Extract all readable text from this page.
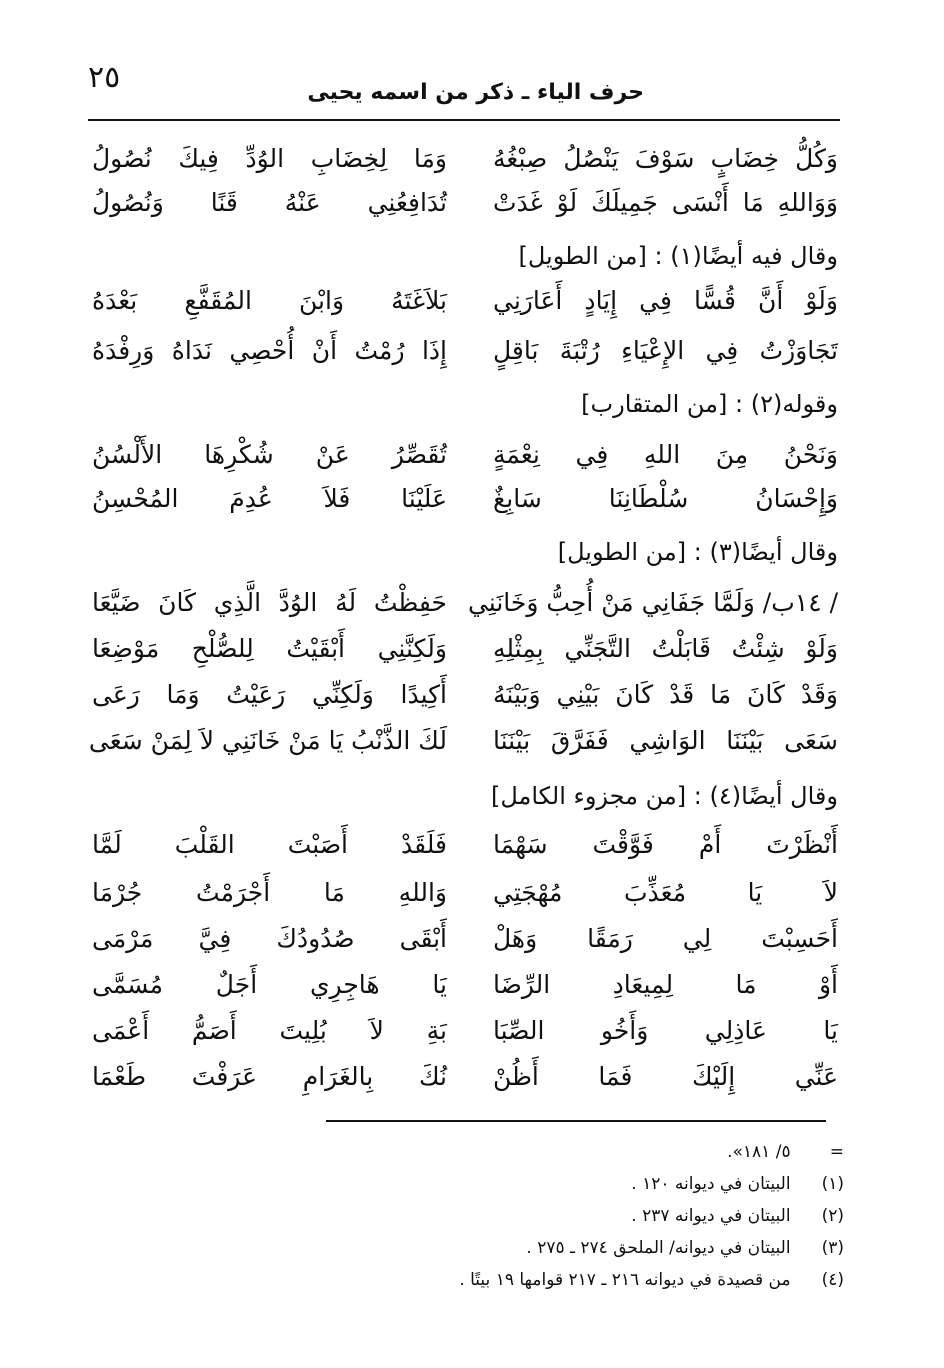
٢٥	حرف الياء ـ ذكر من اسمه يحيى
وَكُلُّ خِضَابٍ سَوْفَ يَنْصُلُ صِبْغُهُ
وَمَا لِخِضَابِ الوُدِّ فِيكَ نُصُولُ
وَوَاللهِ مَا أَنْسَى جَمِيلَكَ لَوْ غَدَتْ
تُدَافِعُنِي عَنْهُ قَنًا وَنُصُولُ
وقال فيه أيضًا(١) : [من الطويل]
وَلَوْ أَنَّ قُسًّا فِي إِيَادٍ أَعَارَنِي
بَلاَغَتَهُ وَابْنَ المُقَفَّعِ بَعْدَهُ
تَجَاوَزْتُ فِي الإِعْيَاءِ رُتْبَةَ بَاقِلٍ
إِذَا رُمْتُ أَنْ أُحْصِي نَدَاهُ وَرِفْدَهُ
وقوله(٢) : [من المتقارب]
وَنَحْنُ مِنَ اللهِ فِي نِعْمَةٍ
تُقَصِّرُ عَنْ شُكْرِهَا الأَلْسُنُ
وَإِحْسَانُ سُلْطَانِنَا سَابِغٌ
عَلَيْنَا فَلاَ عُدِمَ المُحْسِنُ
وقال أيضًا(٣) : [من الطويل]
/ ١٤ب/ وَلَمَّا جَفَانِي مَنْ أُحِبُّ وَخَانَنِي
حَفِظْتُ لَهُ الوُدَّ الَّذِي كَانَ ضَيَّعَا
وَلَوْ شِئْتُ قَابَلْتُ التَّجَنِّي بِمِثْلِهِ
وَلَكِنَّنِي أَبْقَيْتُ لِلصُّلْحِ مَوْضِعَا
وَقَدْ كَانَ مَا قَدْ كَانَ بَيْنِي وَبَيْنَهُ
أَكِيدًا وَلَكِنِّي رَعَيْتُ وَمَا رَعَى
سَعَى بَيْنَنَا الوَاشِي فَفَرَّقَ بَيْنَنَا
لَكَ الذَّنْبُ يَا مَنْ خَانَنِي لاَ لِمَنْ سَعَى
وقال أيضًا(٤) : [من مجزوء الكامل]
أَنْظَرْتَ أَمْ فَوَّقْتَ سَهْمَا
فَلَقَدْ أَصَبْتَ القَلْبَ لَمَّا
لاَ يَا مُعَذِّبَ مُهْجَتِي
وَاللهِ مَا أَجْرَمْتُ جُرْمَا
أَحَسِبْتَ لِي رَمَقًا وَهَلْ
أَبْقَى صُدُودُكَ فِيَّ مَرْمَى
أَوْ مَا لِمِيعَادِ الرِّضَا
يَا هَاجِرِي أَجَلٌ مُسَمَّى
يَا عَاذِلِي وَأَخُو الصِّبَا
بَةِ لاَ بُلِيتَ أَصَمُّ أَعْمَى
عَنِّي إِلَيْكَ فَمَا أَظُنْ
نُكَ بِالغَرَامِ عَرَفْتَ طَعْمَا
= ٥/ ١٨١».
(١) البيتان في ديوانه ١٢٠ .
(٢) البيتان في ديوانه ٢٣٧ .
(٣) البيتان في ديوانه/ الملحق ٢٧٤ ـ ٢٧٥ .
(٤) من قصيدة في ديوانه ٢١٦ ـ ٢١٧ قوامها ١٩ بيتًا .
